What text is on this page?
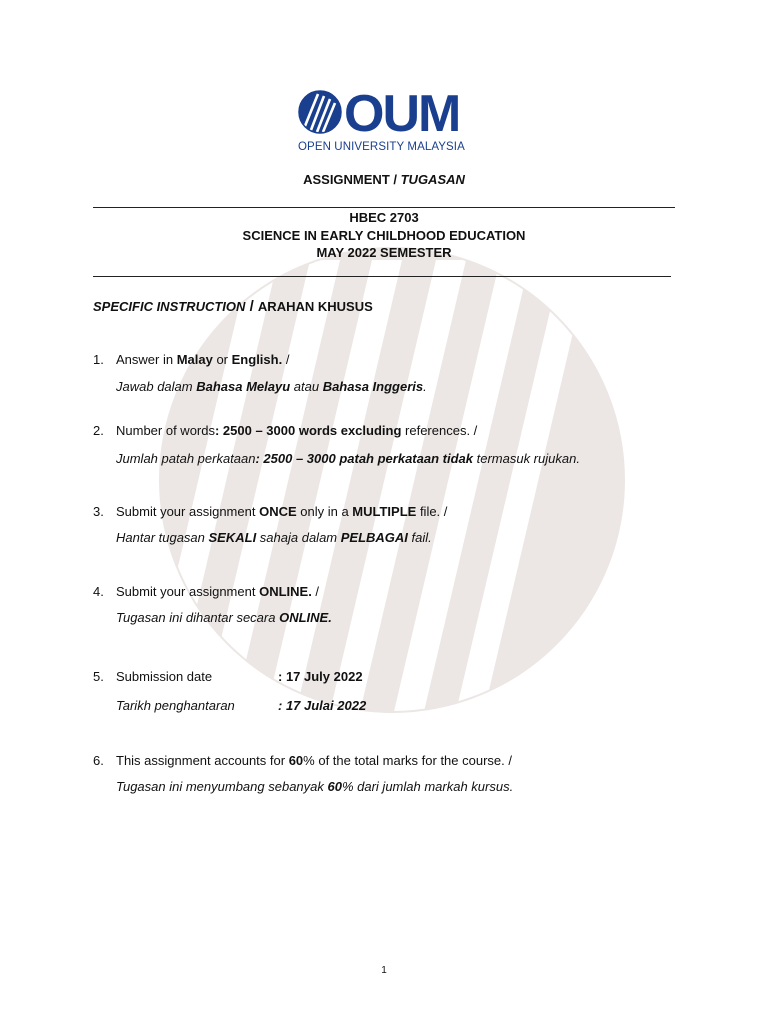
OUM
OPEN UNIVERSITY MALAYSIA
ASSIGNMENT / TUGASAN
HBEC 2703
SCIENCE IN EARLY CHILDHOOD EDUCATION
MAY 2022 SEMESTER
SPECIFIC INSTRUCTION / ARAHAN KHUSUS
1. Answer in Malay or English. /
Jawab dalam Bahasa Melayu atau Bahasa Inggeris.
2. Number of words: 2500 – 3000 words excluding references. /
Jumlah patah perkataan: 2500 – 3000 patah perkataan tidak termasuk rujukan.
3. Submit your assignment ONCE only in a MULTIPLE file. /
Hantar tugasan SEKALI sahaja dalam PELBAGAI fail.
4. Submit your assignment ONLINE. /
Tugasan ini dihantar secara ONLINE.
5. Submission date	: 17 July 2022
Tarikh penghantaran	: 17 Julai 2022
6. This assignment accounts for 60% of the total marks for the course. /
Tugasan ini menyumbang sebanyak 60% dari jumlah markah kursus.
1
